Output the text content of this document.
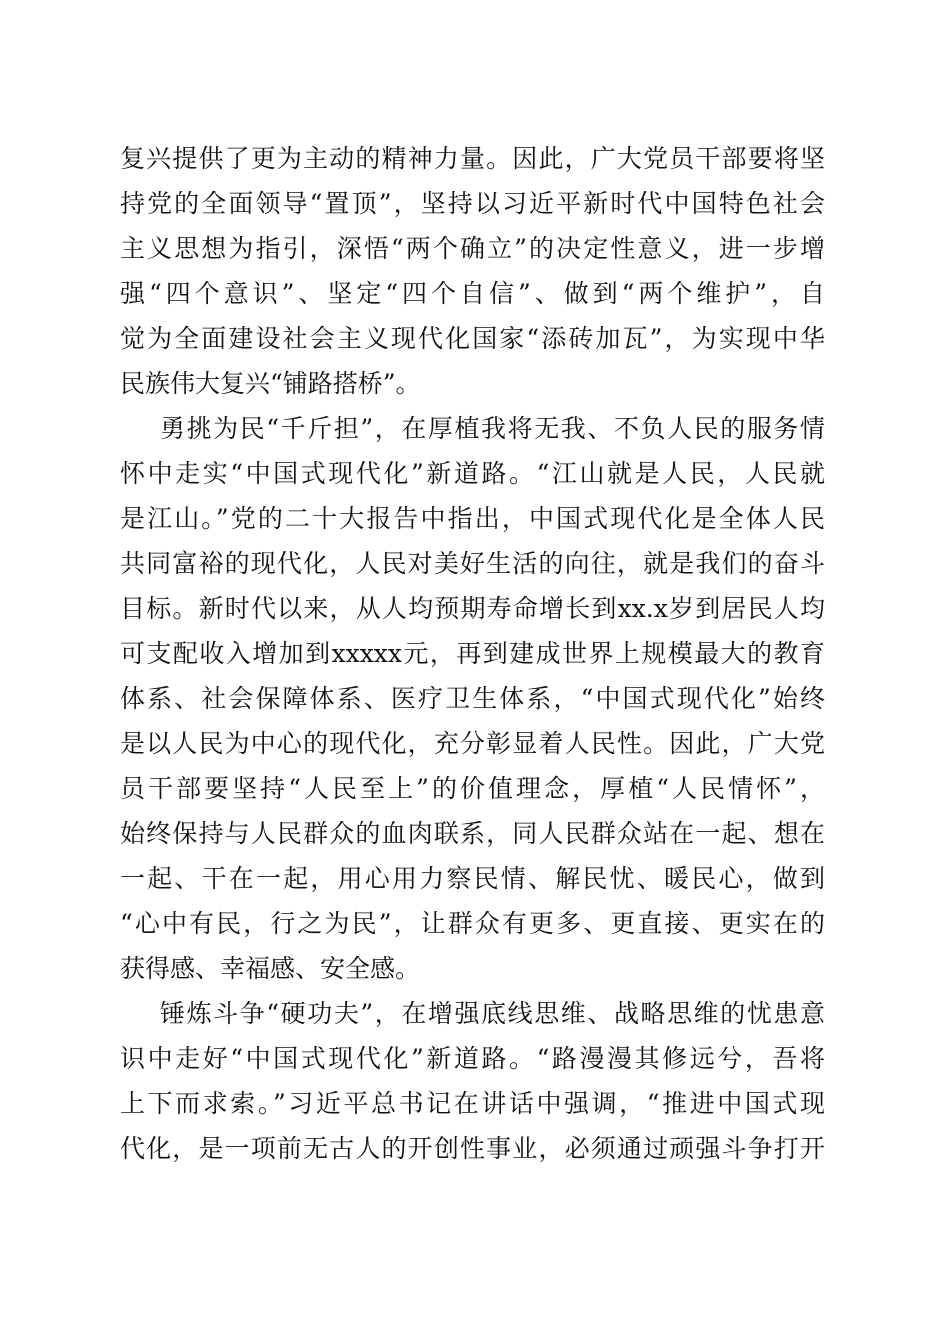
复兴提供了更为主动的精神力量。因此，广大党员干部要将坚
持党的全面领导“置顶”，坚持以习近平新时代中国特色社会
主义思想为指引，深悟“两个确立”的决定性意义，进一步增
强“四个意识”、坚定“四个自信”、做到“两个维护”，自
觉为全面建设社会主义现代化国家“添砖加瓦”，为实现中华
民族伟大复兴“铺路搭桥”。
勇挑为民“千斤担”，在厚植我将无我、不负人民的服务情
怀中走实“中国式现代化”新道路。“江山就是人民，人民就
是江山。”党的二十大报告中指出，中国式现代化是全体人民
共同富裕的现代化，人民对美好生活的向往，就是我们的奋斗
目标。新时代以来，从人均预期寿命增长到xx.x岁到居民人均
可支配收入增加到xxxxx元，再到建成世界上规模最大的教育
体系、社会保障体系、医疗卫生体系，“中国式现代化”始终
是以人民为中心的现代化，充分彰显着人民性。因此，广大党
员干部要坚持“人民至上”的价值理念，厚植“人民情怀”，
始终保持与人民群众的血肉联系，同人民群众站在一起、想在
一起、干在一起，用心用力察民情、解民忧、暖民心，做到
“心中有民，行之为民”，让群众有更多、更直接、更实在的
获得感、幸福感、安全感。
锤炼斗争“硬功夫”，在增强底线思维、战略思维的忧患意
识中走好“中国式现代化”新道路。“路漫漫其修远兮，吾将
上下而求索。”习近平总书记在讲话中强调，“推进中国式现
代化，是一项前无古人的开创性事业，必须通过顽强斗争打开
